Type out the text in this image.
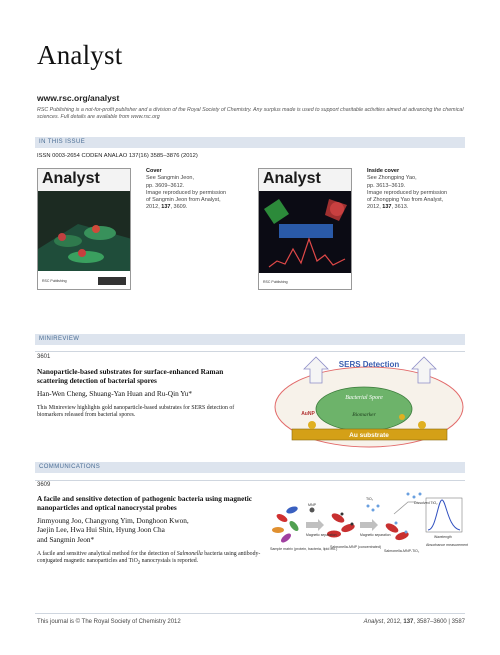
Analyst
www.rsc.org/analyst
RSC Publishing is a not-for-profit publisher and a division of the Royal Society of Chemistry. Any surplus made is used to support charitable activities aimed at advancing the chemical sciences. Full details are available from www.rsc.org
IN THIS ISSUE
ISSN 0003-2654 CODEN ANALAO 137(16) 3585–3876 (2012)
Analyst
RSC Publishing
Cover
See Sangmin Jeon,
pp. 3609–3612.
Image reproduced by permission
of Sangmin Jeon from Analyst,
2012, 137, 3609.
Analyst
RSC Publishing
Inside cover
See Zhongping Yao,
pp. 3613–3619.
Image reproduced by permission
of Zhongping Yao from Analyst,
2012, 137, 3613.
MINIREVIEW
3601
Nanoparticle-based substrates for surface-enhanced Raman scattering detection of bacterial spores
Han-Wen Cheng, Shuang-Yan Huan and Ru-Qin Yu*
This Minireview highlights gold nanoparticle-based substrates for SERS detection of biomarkers released from bacterial spores.
SERS Detection
Bacterial Spore
Biomarker
AuNP
Au substrate
COMMUNICATIONS
3609
A facile and sensitive detection of pathogenic bacteria using magnetic nanoparticles and optical nanocrystal probes
Jinmyoung Joo, Changyong Yim, Donghoon Kwon,
Jaejin Lee, Hwa Hui Shin, Hyung Joon Cha
and Sangmin Jeon*
A facile and sensitive analytical method for the detection of Salmonella bacteria using antibody-conjugated magnetic nanoparticles and TiO$_2$ nanocrystals is reported.
MNP
TiO₂
Dissolved TiO₂
Sample matrix (protein, bacteria, lipid etc.)
Magnetic separation
Salmonella-MNP (concentrated)
Magnetic separation
Salmonella-MNP-TiO₂
Wavelength
Absorbance measurement
This journal is © The Royal Society of Chemistry 2012	Analyst, 2012, 137, 3587–3600 | 3587
